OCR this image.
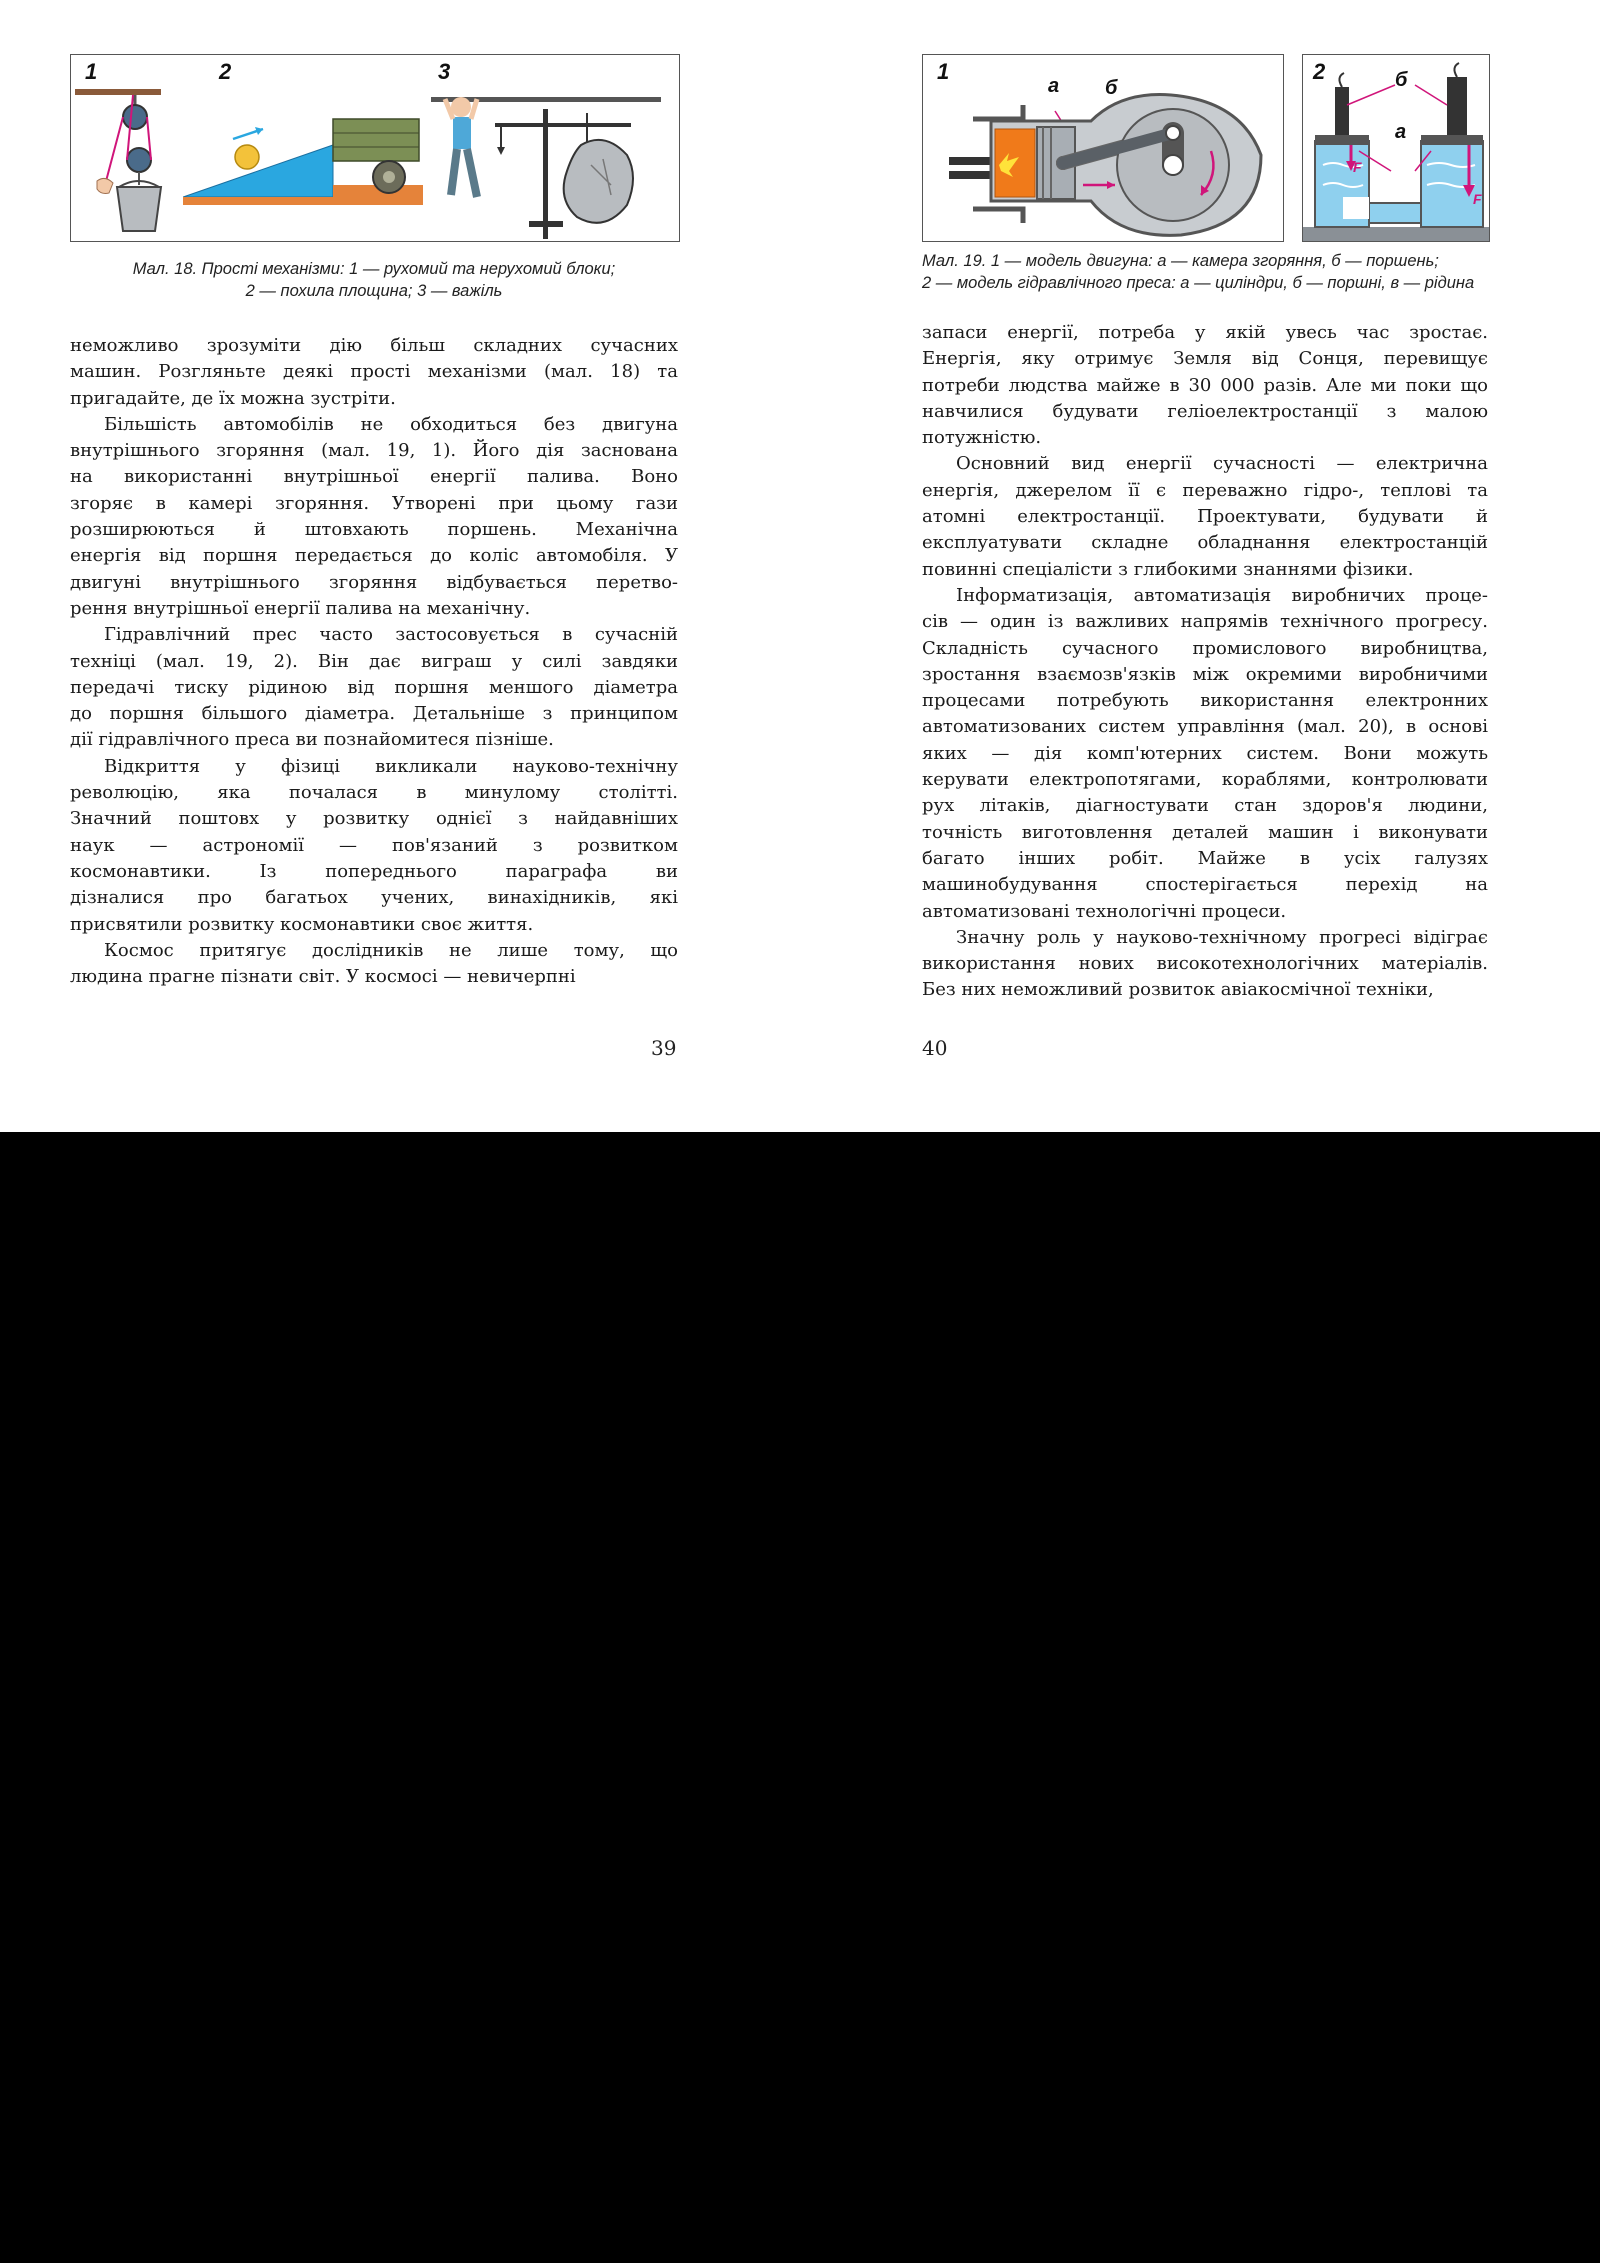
1	2	3
Мал. 18. Прості механізми: 1 — рухомий та нерухомий блоки;
2 — похила площина; 3 — важіль

неможливо зрозуміти дію більш складних сучасних
машин. Розгляньте деякі прості механізми (мал. 18) та
пригадайте, де їх можна зустріти.

Більшість автомобілів не обходиться без двигуна
внутрішнього згоряння (мал. 19, 1). Його дія заснована
на використанні внутрішньої енергії палива. Воно
згоряє в камері згоряння. Утворені при цьому гази
розширюються й штовхають поршень. Механічна
енергія від поршня передається до коліс автомобіля. У
двигуні внутрішнього згоряння відбувається перетво-
рення внутрішньої енергії палива на механічну.

Гідравлічний прес часто застосовується в сучасній
техніці (мал. 19, 2). Він дає виграш у силі завдяки
передачі тиску рідиною від поршня меншого діаметра
до поршня більшого діаметра. Детальніше з принципом
дії гідравлічного преса ви познайомитеся пізніше.

Відкриття у фізиці викликали науково-технічну
революцію, яка почалася в минулому столітті.
Значний поштовх у розвитку однієї з найдавніших
наук — астрономії — пов'язаний з розвитком
космонавтики. Із попереднього параграфа ви
дізналися про багатьох учених, винахідників, які
присвятили розвитку космонавтики своє життя.

Космос притягує дослідників не лише тому, що
людина прагне пізнати світ. У космосі — невичерпні

39
1
а б
2	б
а
F
F
Мал. 19. 1 — модель двигуна: а — камера згоряння, б — поршень;
2 — модель гідравлічного преса: а — циліндри, б — поршні, в — рідина

запаси енергії, потреба у якій увесь час зростає.
Енергія, яку отримує Земля від Сонця, перевищує
потреби людства майже в 30 000 разів. Але ми поки що
навчилися будувати геліоелектростанції з малою
потужністю.

Основний вид енергії сучасності — електрична
енергія, джерелом її є переважно гідро-, теплові та
атомні електростанції. Проектувати, будувати й
експлуатувати складне обладнання електростанцій
повинні спеціалісти з глибокими знаннями фізики.

Інформатизація, автоматизація виробничих проце-
сів — один із важливих напрямів технічного прогресу.
Складність сучасного промислового виробництва,
зростання взаємозв'язків між окремими виробничими
процесами потребують використання електронних
автоматизованих систем управління (мал. 20), в основі
яких — дія комп'ютерних систем. Вони можуть
керувати електропотягами, кораблями, контролювати
рух літаків, діагностувати стан здоров'я людини,
точність виготовлення деталей машин і виконувати
багато інших робіт. Майже в усіх галузях
машинобудування спостерігається перехід на
автоматизовані технологічні процеси.

Значну роль у науково-технічному прогресі відіграє
використання нових високотехнологічних матеріалів.
Без них неможливий розвиток авіакосмічної техніки,

40
